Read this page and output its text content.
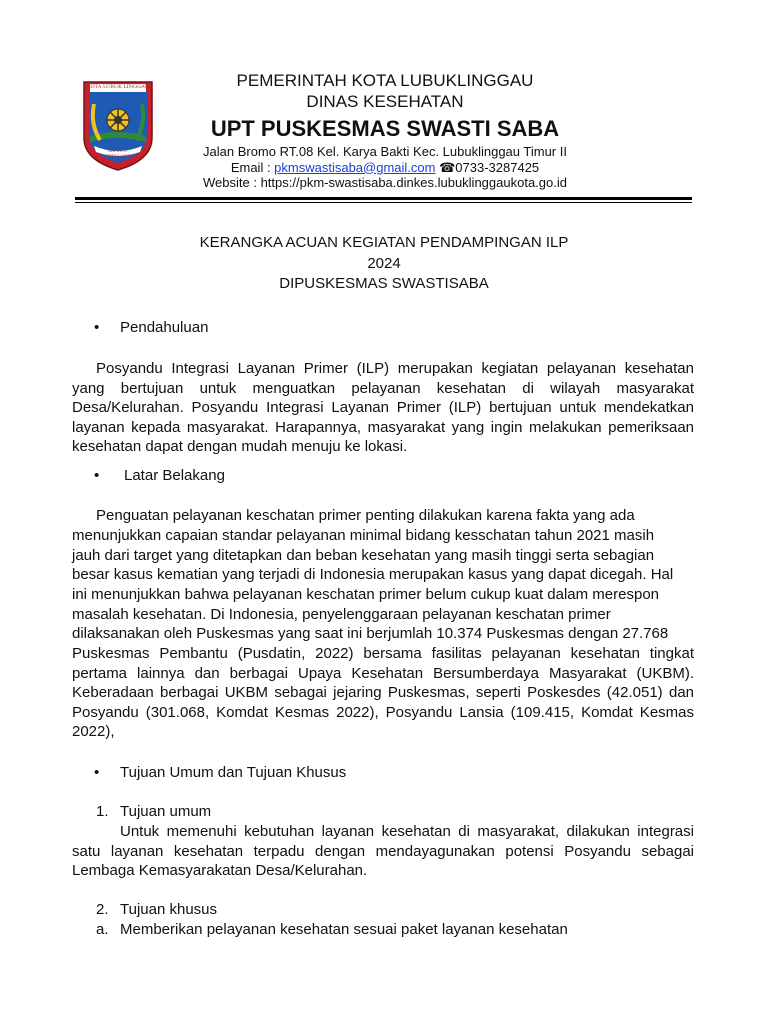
KOTA LUBUK LINGGAU
SEPINTU SEDULANG
PEMERINTAH KOTA LUBUKLINGGAU
DINAS KESEHATAN
UPT PUSKESMAS SWASTI SABA
Jalan Bromo RT.08 Kel. Karya Bakti Kec. Lubuklinggau Timur II
Email : pkmswastisaba@gmail.com ☎0733-3287425
Website : https://pkm-swastisaba.dinkes.lubuklinggaukota.go.id
KERANGKA ACUAN KEGIATAN PENDAMPINGAN ILP
2024
DIPUSKESMAS SWASTISABA
• Pendahuluan
Posyandu Integrasi Layanan Primer (ILP) merupakan kegiatan pelayanan kesehatan yang bertujuan untuk menguatkan pelayanan kesehatan di wilayah masyarakat Desa/Kelurahan. Posyandu Integrasi Layanan Primer (ILP) bertujuan untuk mendekatkan layanan kepada masyarakat. Harapannya, masyarakat yang ingin melakukan pemeriksaan kesehatan dapat dengan mudah menuju ke lokasi.
• Latar Belakang
Penguatan pelayanan keschatan primer penting dilakukan karena fakta yang ada
menunjukkan capaian standar pelayanan minimal bidang kesschatan tahun 2021 masih
jauh dari target yang ditetapkan dan beban kesehatan yang masih tinggi serta sebagian
besar kasus kematian yang terjadi di Indonesia merupakan kasus yang dapat dicegah. Hal
ini menunjukkan bahwa pelayanan keschatan primer belum cukup kuat dalam merespon
masalah kesehatan. Di Indonesia, penyelenggaraan pelayanan keschatan primer
dilaksanakan oleh Puskesmas yang saat ini berjumlah 10.374 Puskesmas dengan 27.768
Puskesmas Pembantu (Pusdatin, 2022) bersama fasilitas pelayanan kesehatan tingkat pertama lainnya dan berbagai Upaya Kesehatan Bersumberdaya Masyarakat (UKBM). Keberadaan berbagai UKBM sebagai jejaring Puskesmas, seperti Poskesdes (42.051) dan Posyandu (301.068, Komdat Kesmas 2022), Posyandu Lansia (109.415, Komdat Kesmas 2022),
• Tujuan Umum dan Tujuan Khusus
1. Tujuan umum
Untuk memenuhi kebutuhan layanan kesehatan di masyarakat, dilakukan integrasi satu layanan kesehatan terpadu dengan mendayagunakan potensi Posyandu sebagai Lembaga Kemasyarakatan Desa/Kelurahan.
2. Tujuan khusus
a. Memberikan pelayanan kesehatan sesuai paket layanan kesehatan
